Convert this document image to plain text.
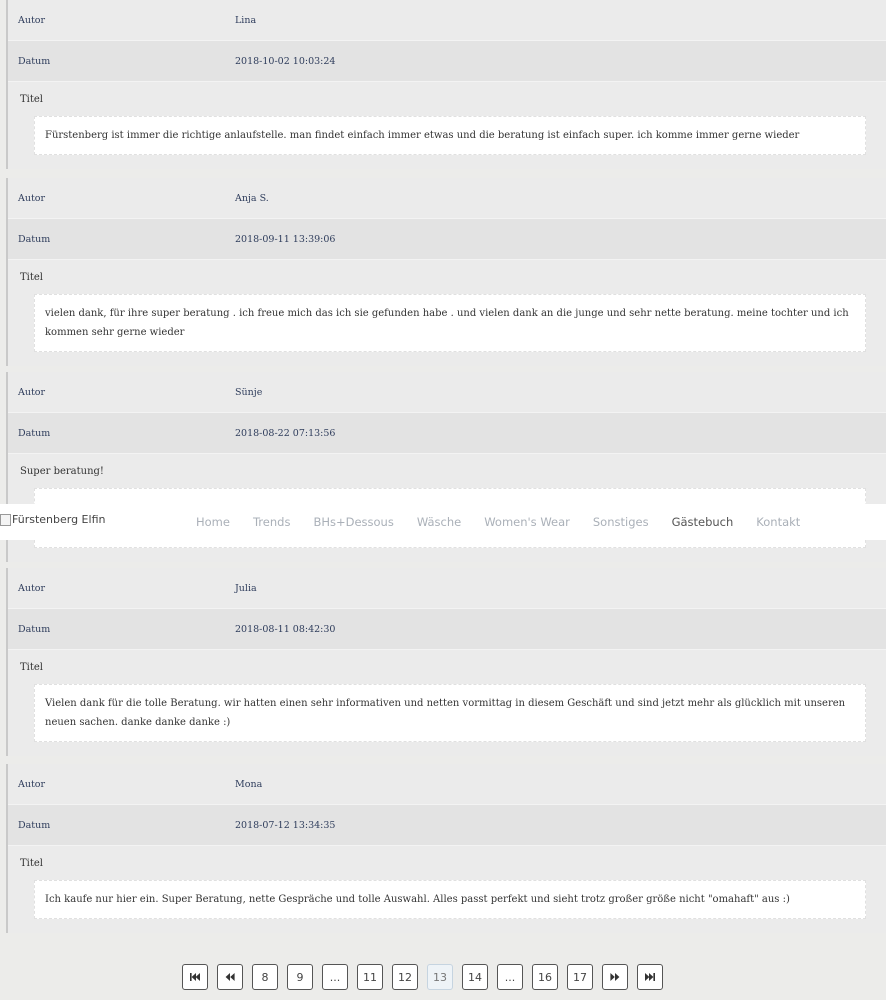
Autor	Lina
Datum	2018-10-02 10:03:24
Titel
Fürstenberg ist immer die richtige anlaufstelle. man findet einfach immer etwas und die beratung ist einfach super. ich komme immer gerne wieder
Autor	Anja S.
Datum	2018-09-11 13:39:06
Titel
vielen dank, für ihre super beratung . ich freue mich das ich sie gefunden habe . und vielen dank an die junge und sehr nette beratung. meine tochter und ich kommen sehr gerne wieder
Autor	Sünje
Datum	2018-08-22 07:13:56
Super beratung!
Autor	Julia
Datum	2018-08-11 08:42:30
Titel
Vielen dank für die tolle Beratung. wir hatten einen sehr informativen und netten vormittag in diesem Geschäft und sind jetzt mehr als glücklich mit unseren neuen sachen. danke danke danke :)
Autor	Mona
Datum	2018-07-12 13:34:35
Titel
Ich kaufe nur hier ein. Super Beratung, nette Gespräche und tolle Auswahl. Alles passt perfekt und sieht trotz großer größe nicht "omahaft" aus :)
Fürstenberg Elfin	Home Trends BHs+Dessous Wäsche Women's Wear Sonstiges Gästebuch Kontakt
8	9	...	11	12	13	14	...	16	17
